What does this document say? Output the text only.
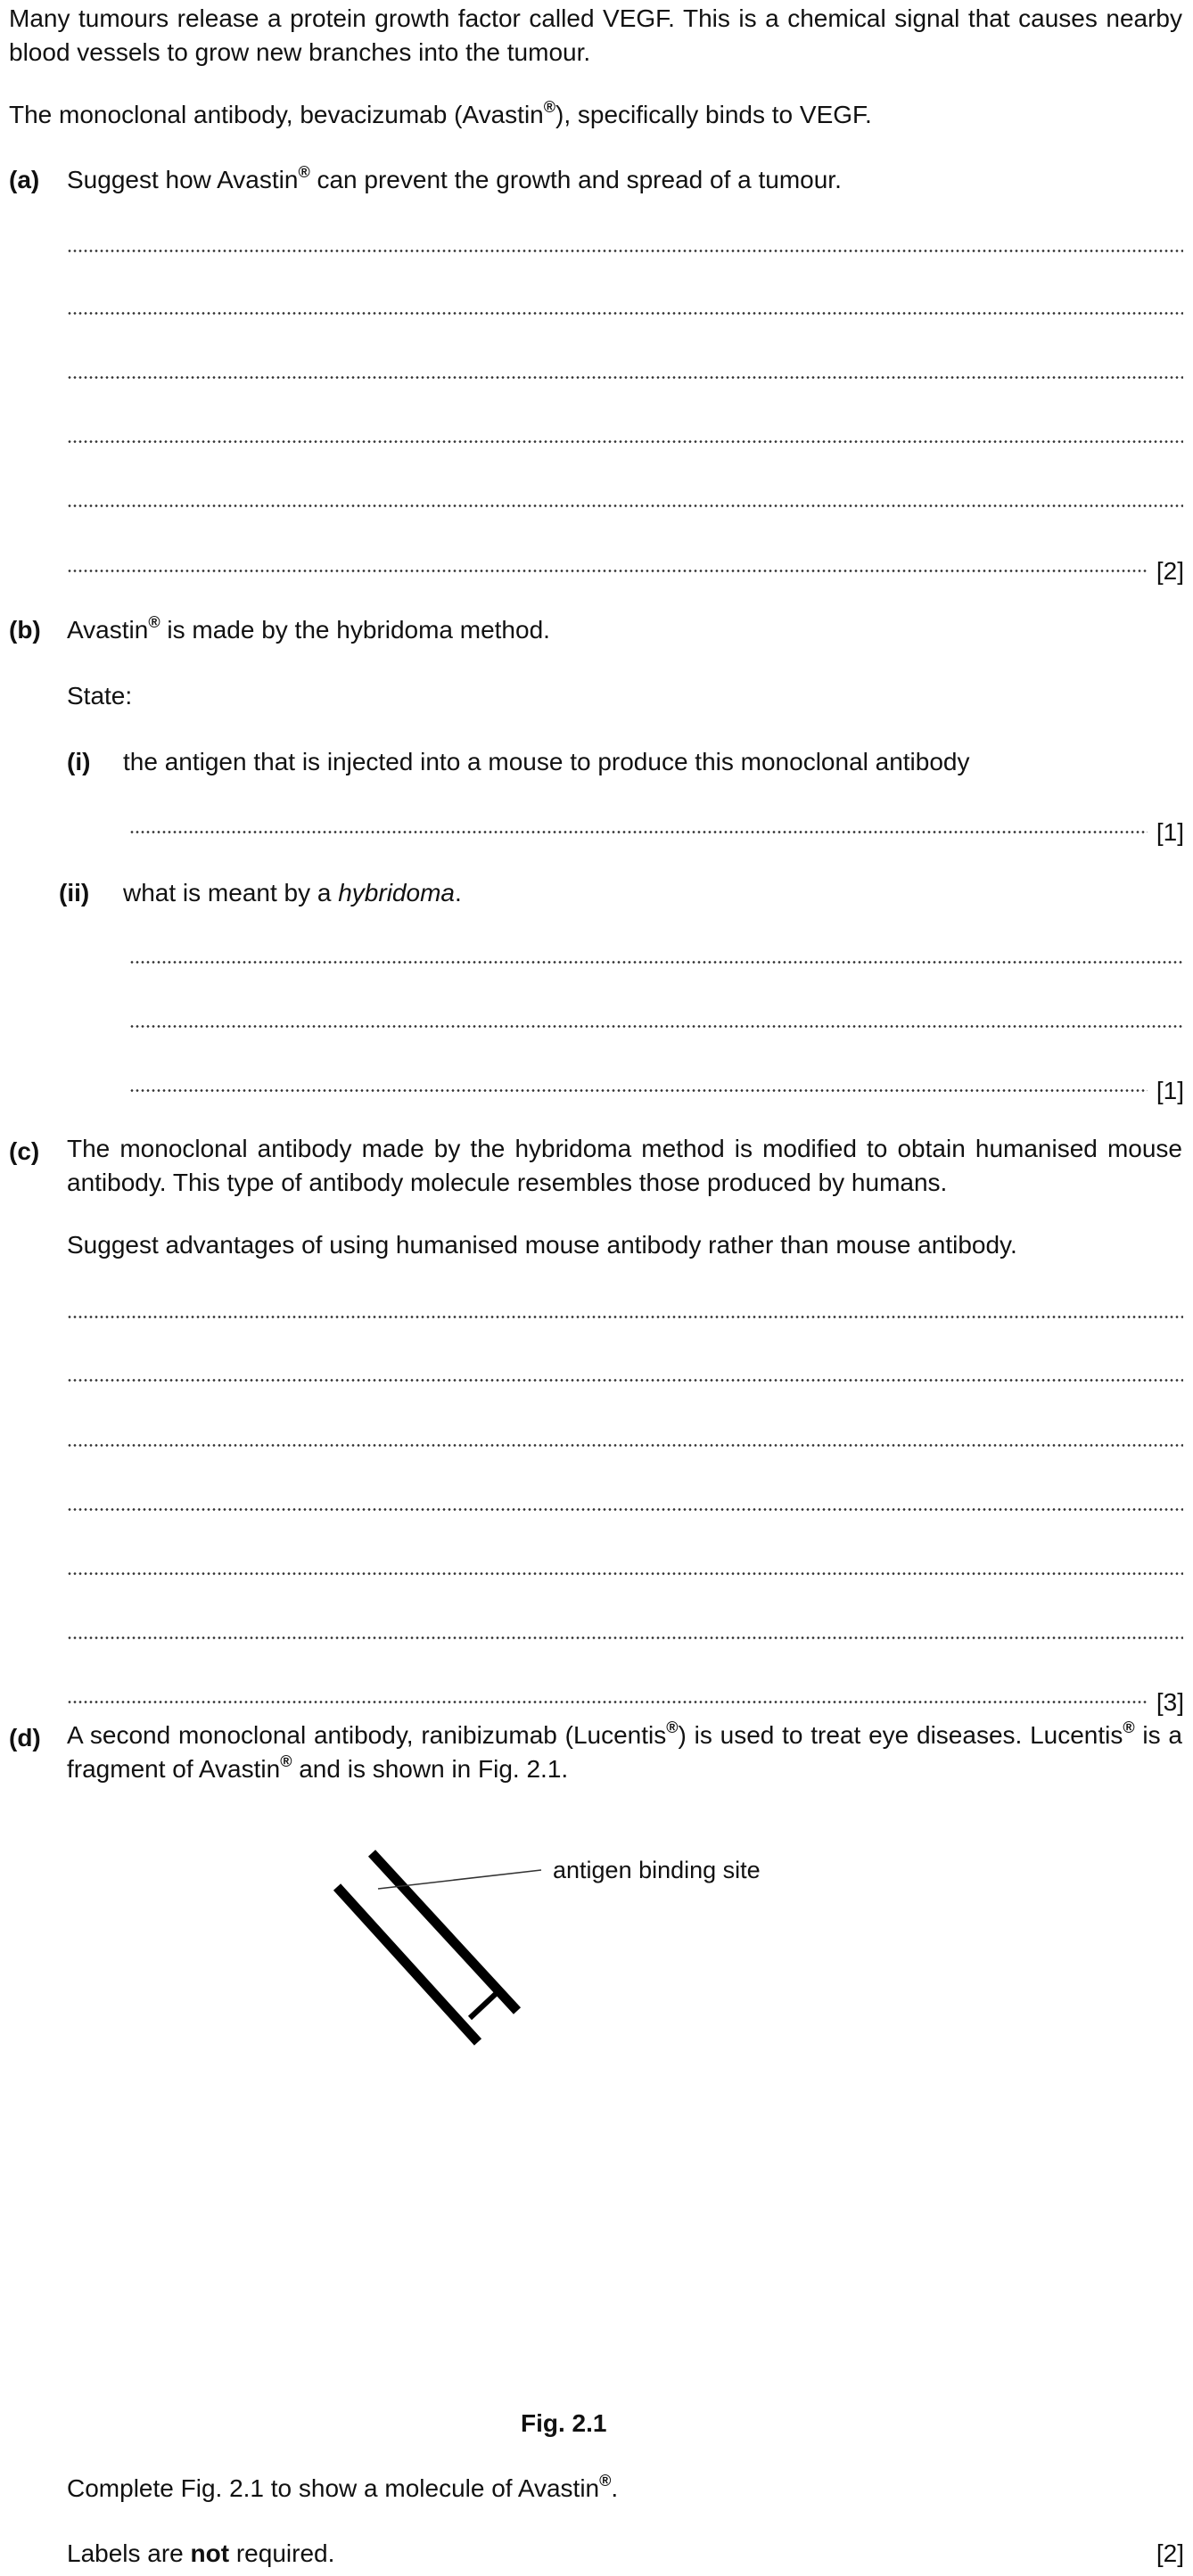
Many tumours release a protein growth factor called VEGF. This is a chemical signal that causes nearby blood vessels to grow new branches into the tumour.
The monoclonal antibody, bevacizumab (Avastin®), specifically binds to VEGF.
(a) Suggest how Avastin® can prevent the growth and spread of a tumour.
[2]
(b) Avastin® is made by the hybridoma method.
State:
(i) the antigen that is injected into a mouse to produce this monoclonal antibody
[1]
(ii) what is meant by a hybridoma.
[1]
(c) The monoclonal antibody made by the hybridoma method is modified to obtain humanised mouse antibody. This type of antibody molecule resembles those produced by humans.
Suggest advantages of using humanised mouse antibody rather than mouse antibody.
[3]
(d) A second monoclonal antibody, ranibizumab (Lucentis®) is used to treat eye diseases. Lucentis® is a fragment of Avastin® and is shown in Fig. 2.1.
antigen binding site
Fig. 2.1
Complete Fig. 2.1 to show a molecule of Avastin®.
Labels are not required.	[2]
